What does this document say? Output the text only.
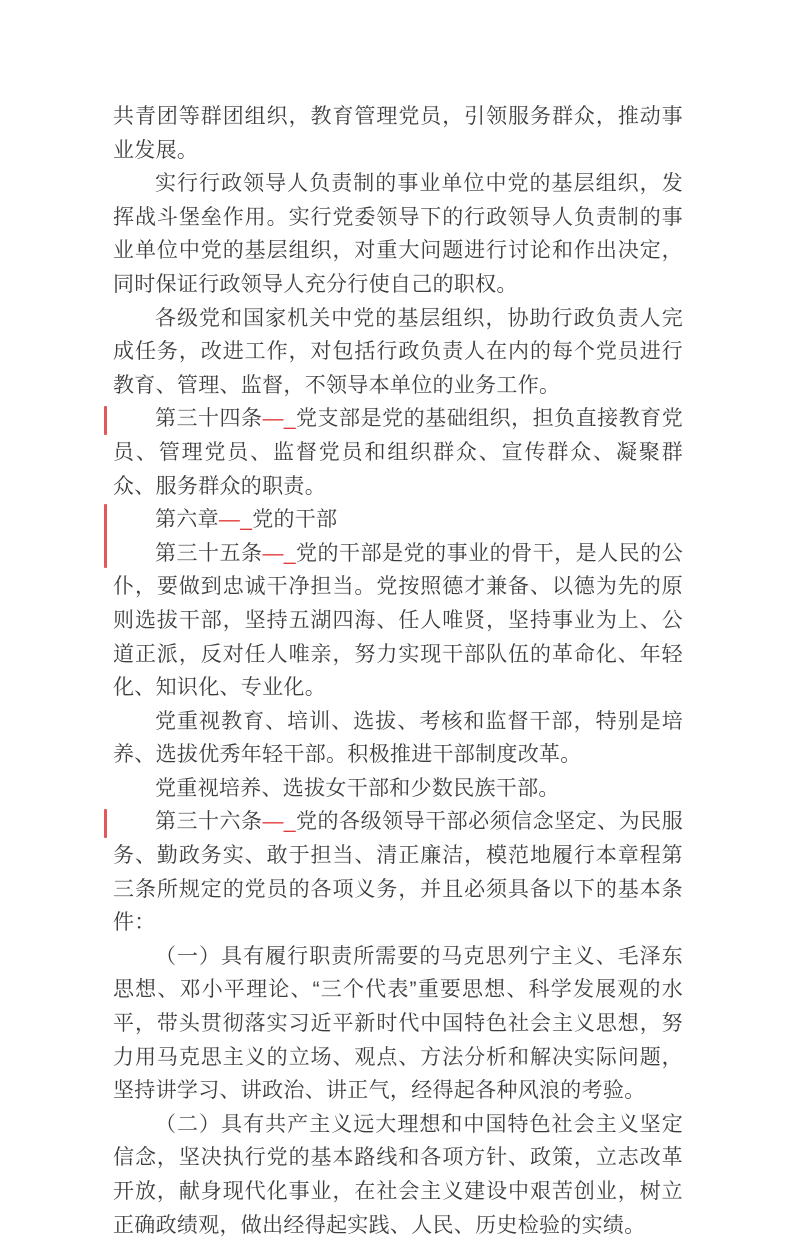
共青团等群团组织，教育管理党员，引领服务群众，推动事业发展。

实行行政领导人负责制的事业单位中党的基层组织，发挥战斗堡垒作用。实行党委领导下的行政领导人负责制的事业单位中党的基层组织，对重大问题进行讨论和作出决定，同时保证行政领导人充分行使自己的职权。

各级党和国家机关中党的基层组织，协助行政负责人完成任务，改进工作，对包括行政负责人在内的每个党员进行教育、管理、监督，不领导本单位的业务工作。

第三十四条—_党支部是党的基础组织，担负直接教育党员、管理党员、监督党员和组织群众、宣传群众、凝聚群众、服务群众的职责。

第六章—_党的干部

第三十五条—_党的干部是党的事业的骨干，是人民的公仆，要做到忠诚干净担当。党按照德才兼备、以德为先的原则选拔干部，坚持五湖四海、任人唯贤，坚持事业为上、公道正派，反对任人唯亲，努力实现干部队伍的革命化、年轻化、知识化、专业化。

党重视教育、培训、选拔、考核和监督干部，特别是培养、选拔优秀年轻干部。积极推进干部制度改革。

党重视培养、选拔女干部和少数民族干部。

第三十六条—_党的各级领导干部必须信念坚定、为民服务、勤政务实、敢于担当、清正廉洁，模范地履行本章程第三条所规定的党员的各项义务，并且必须具备以下的基本条件：

（一）具有履行职责所需要的马克思列宁主义、毛泽东思想、邓小平理论、“三个代表”重要思想、科学发展观的水平，带头贯彻落实习近平新时代中国特色社会主义思想，努力用马克思主义的立场、观点、方法分析和解决实际问题，坚持讲学习、讲政治、讲正气，经得起各种风浪的考验。

（二）具有共产主义远大理想和中国特色社会主义坚定信念，坚决执行党的基本路线和各项方针、政策，立志改革开放，献身现代化事业，在社会主义建设中艰苦创业，树立正确政绩观，做出经得起实践、人民、历史检验的实绩。
